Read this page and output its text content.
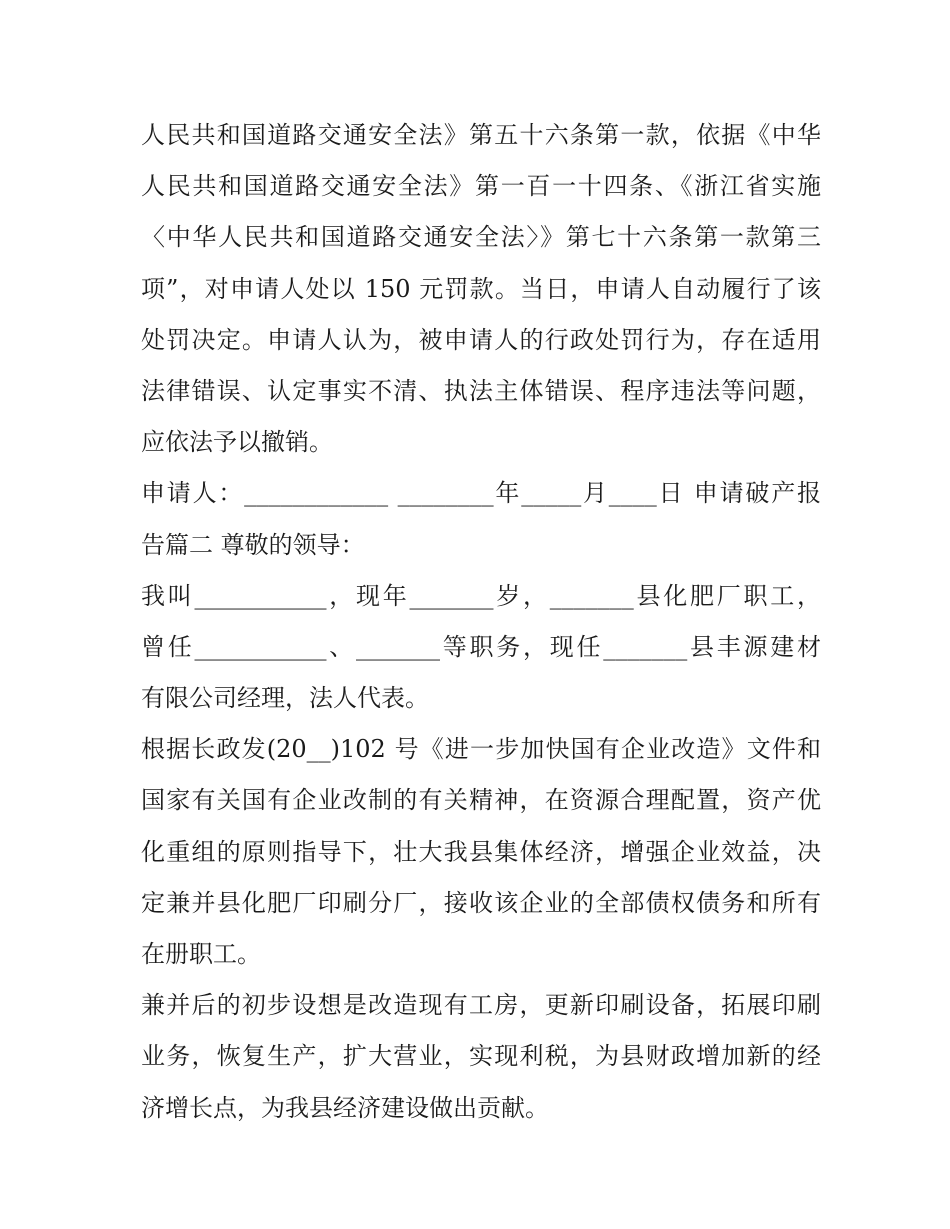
人民共和国道路交通安全法》第五十六条第一款，依据《中华
人民共和国道路交通安全法》第一百一十四条、《浙江省实施
〈中华人民共和国道路交通安全法〉》第七十六条第一款第三
项”，对申请人处以 150 元罚款。当日，申请人自动履行了该
处罚决定。申请人认为，被申请人的行政处罚行为，存在适用
法律错误、认定事实不清、执法主体错误、程序违法等问题，
应依法予以撤销。
申请人：____________ ________年_____月____日 申请破产报
告篇二 尊敬的领导：
我叫___________，现年_______岁，_______县化肥厂职工，
曾任___________、_______等职务，现任_______县丰源建材
有限公司经理，法人代表。
根据长政发(20__)102 号《进一步加快国有企业改造》文件和
国家有关国有企业改制的有关精神，在资源合理配置，资产优
化重组的原则指导下，壮大我县集体经济，增强企业效益，决
定兼并县化肥厂印刷分厂，接收该企业的全部债权债务和所有
在册职工。
兼并后的初步设想是改造现有工房，更新印刷设备，拓展印刷
业务，恢复生产，扩大营业，实现利税，为县财政增加新的经
济增长点，为我县经济建设做出贡献。
